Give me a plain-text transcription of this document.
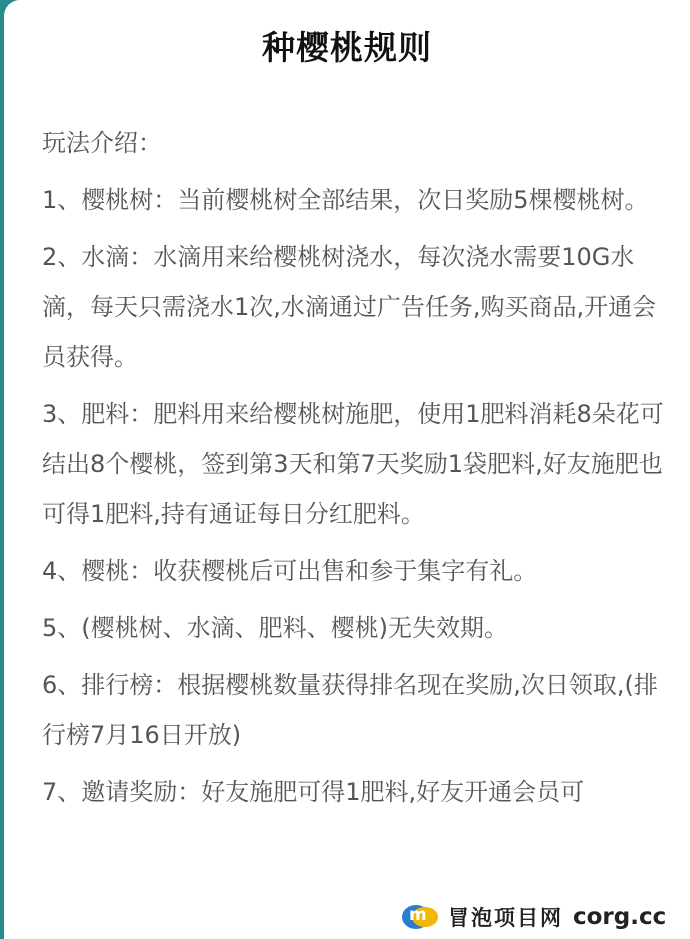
种樱桃规则
玩法介绍：
1、樱桃树：当前樱桃树全部结果，次日奖励5棵樱桃树。
2、水滴：水滴用来给樱桃树浇水，每次浇水需要10G水滴，每天只需浇水1次,水滴通过广告任务,购买商品,开通会员获得。
3、肥料：肥料用来给樱桃树施肥，使用1肥料消耗8朵花可结出8个樱桃，签到第3天和第7天奖励1袋肥料,好友施肥也可得1肥料,持有通证每日分红肥料。
4、樱桃：收获樱桃后可出售和参于集字有礼。
5、(樱桃树、水滴、肥料、樱桃)无失效期。
6、排行榜：根据樱桃数量获得排名现在奖励,次日领取,(排行榜7月16日开放)
7、邀请奖励：好友施肥可得1肥料,好友开通会员可
m 冒泡项目网 corg.cc
